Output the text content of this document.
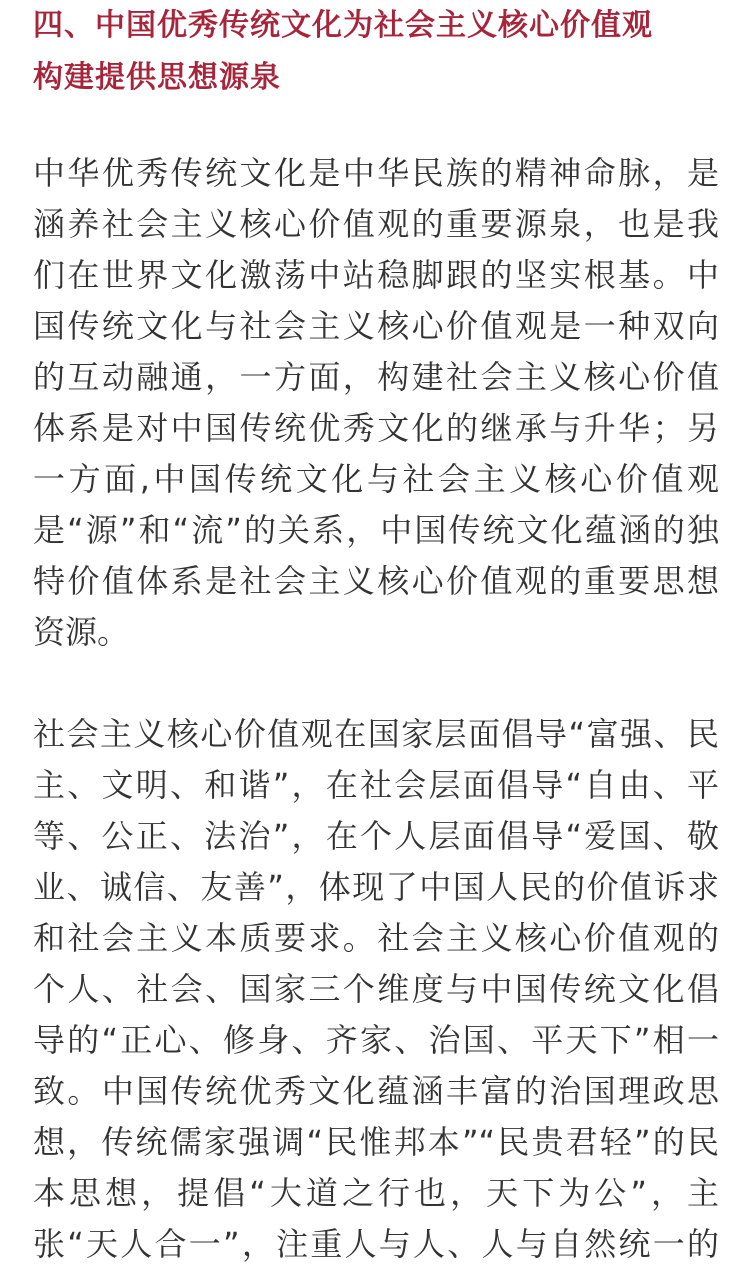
四、中国优秀传统文化为社会主义核心价值观
构建提供思想源泉

中华优秀传统文化是中华民族的精神命脉，是
涵养社会主义核心价值观的重要源泉，也是我
们在世界文化激荡中站稳脚跟的坚实根基。中
国传统文化与社会主义核心价值观是一种双向
的互动融通，一方面，构建社会主义核心价值
体系是对中国传统优秀文化的继承与升华；另
一方面,中国传统文化与社会主义核心价值观
是“源”和“流”的关系，中国传统文化蕴涵的独
特价值体系是社会主义核心价值观的重要思想
资源。

社会主义核心价值观在国家层面倡导“富强、民
主、文明、和谐”，在社会层面倡导“自由、平
等、公正、法治”，在个人层面倡导“爱国、敬
业、诚信、友善”，体现了中国人民的价值诉求
和社会主义本质要求。社会主义核心价值观的
个人、社会、国家三个维度与中国传统文化倡
导的“正心、修身、齐家、治国、平天下”相一
致。中国传统优秀文化蕴涵丰富的治国理政思
想，传统儒家强调“民惟邦本”“民贵君轻”的民
本思想，提倡“大道之行也，天下为公”，主
张“天人合一”，注重人与人、人与自然统一的
